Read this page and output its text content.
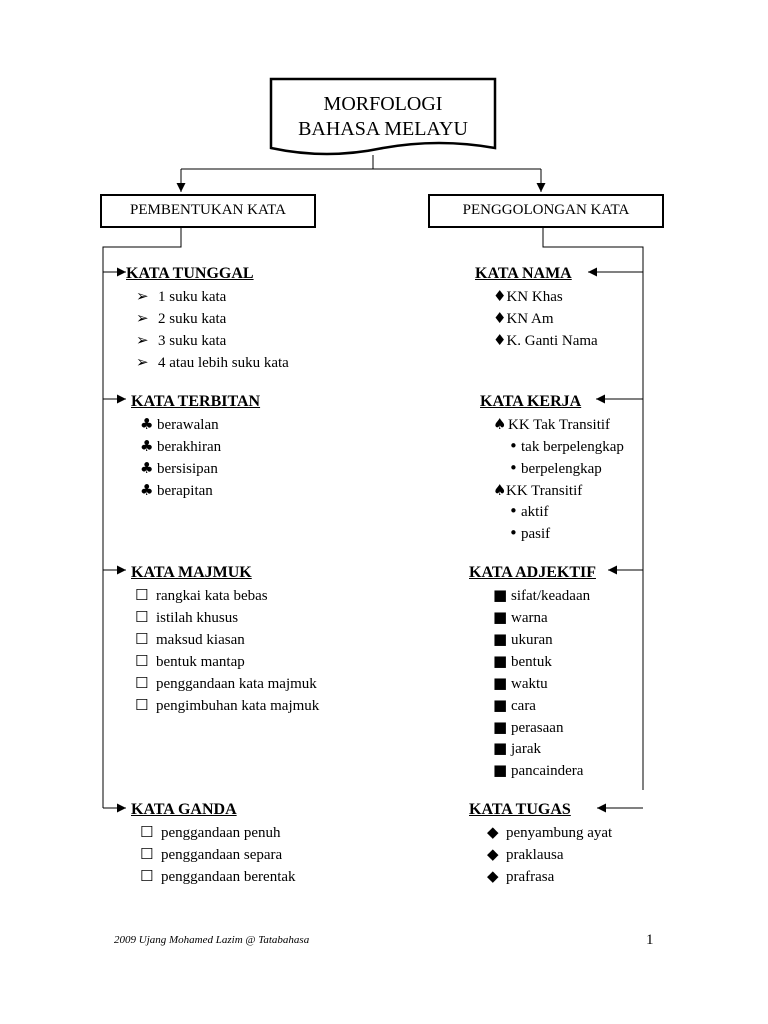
MORFOLOGI
BAHASA MELAYU
PEMBENTUKAN KATA	PENGGOLONGAN KATA
KATA TUNGGAL
➢ 1 suku kata
➢ 2 suku kata
➢ 3 suku kata
➢ 4 atau lebih suku kata
KATA TERBITAN
♣ berawalan
♣ berakhiran
♣ bersisipan
♣ berapitan
KATA MAJMUK
☐ rangkai kata bebas
☐ istilah khusus
☐ maksud kiasan
☐ bentuk mantap
☐ penggandaan kata majmuk
☐ pengimbuhan kata majmuk
KATA GANDA
☐ penggandaan penuh
☐ penggandaan separa
☐ penggandaan berentak
KATA NAMA
♦KN Khas
♦KN Am
♦K. Ganti Nama
KATA KERJA
♠ KK Tak Transitif
• tak berpelengkap
• berpelengkap
♠KK Transitif
• aktif
• pasif
KATA ADJEKTIF
■ sifat/keadaan
■ warna
■ ukuran
■ bentuk
■ waktu
■ cara
■ perasaan
■ jarak
■ pancaindera
KATA TUGAS
◆ penyambung ayat
◆ praklausa
◆ prafrasa
2009 Ujang Mohamed Lazim @ Tatabahasa	1
